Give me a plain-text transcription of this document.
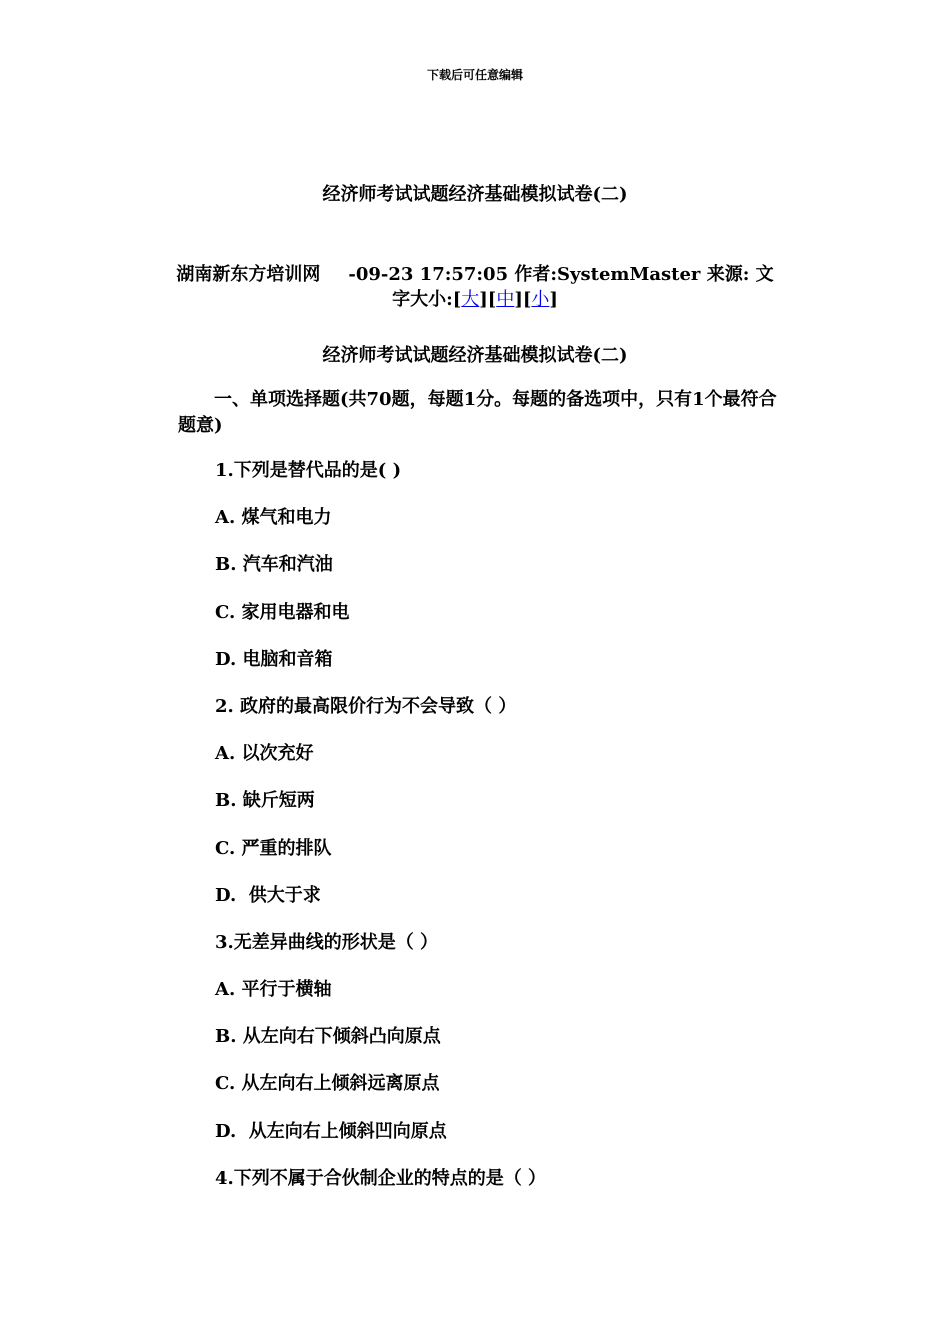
下载后可任意编辑
经济师考试试题经济基础模拟试卷(二)
湖南新东方培训网 -09-23 17:57:05 作者:SystemMaster 来源: 文字大小:[大][中][小]
经济师考试试题经济基础模拟试卷(二)
一、单项选择题(共70题，每题1分。每题的备选项中，只有1个最符合题意)
1.下列是替代品的是( )
A. 煤气和电力
B. 汽车和汽油
C. 家用电器和电
D. 电脑和音箱
2. 政府的最高限价行为不会导致（ ）
A. 以次充好
B. 缺斤短两
C. 严重的排队
D.  供大于求
3.无差异曲线的形状是（ ）
A. 平行于横轴
B. 从左向右下倾斜凸向原点
C. 从左向右上倾斜远离原点
D.  从左向右上倾斜凹向原点
4.下列不属于合伙制企业的特点的是（ ）
